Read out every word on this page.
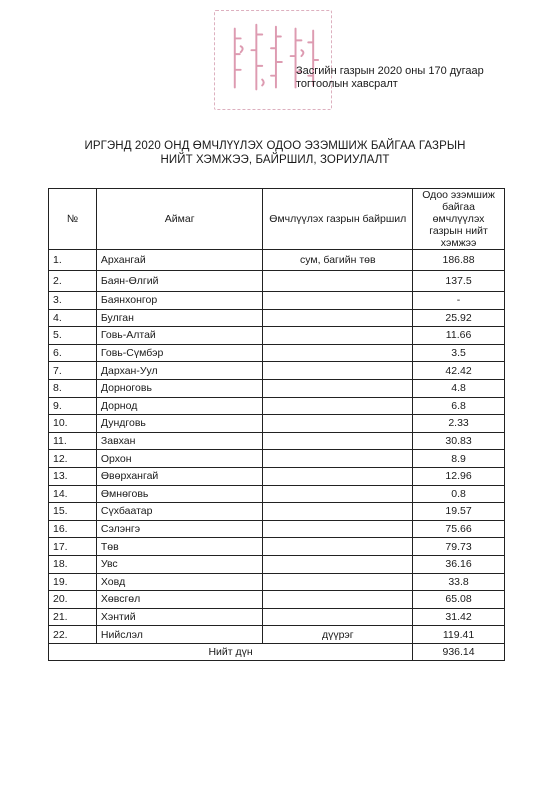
Засгийн газрын 2020 оны 170 дугаар
тогтоолын хавсралт
ИРГЭНД 2020 ОНД ӨМЧЛҮҮЛЭХ ОДОО ЭЗЭМШИЖ БАЙГАА ГАЗРЫН
НИЙТ ХЭМЖЭЭ, БАЙРШИЛ, ЗОРИУЛАЛТ
№	Аймаг	Өмчлүүлэх газрын байршил	Одоо эзэмшиж байгаа өмчлүүлэх газрын нийт хэмжээ
1.	Архангай	сум, багийн төв	186.88
2.	Баян-Өлгий		137.5
3.	Баянхонгор		-
4.	Булган		25.92
5.	Говь-Алтай		11.66
6.	Говь-Сүмбэр		3.5
7.	Дархан-Уул		42.42
8.	Дорноговь		4.8
9.	Дорнод		6.8
10.	Дундговь		2.33
11.	Завхан		30.83
12.	Орхон		8.9
13.	Өвөрхангай		12.96
14.	Өмнөговь		0.8
15.	Сүхбаатар		19.57
16.	Сэлэнгэ		75.66
17.	Төв		79.73
18.	Увс		36.16
19.	Ховд		33.8
20.	Хөвсгөл		65.08
21.	Хэнтий		31.42
22.	Нийслэл	дүүрэг	119.41
Нийт дүн			936.14
